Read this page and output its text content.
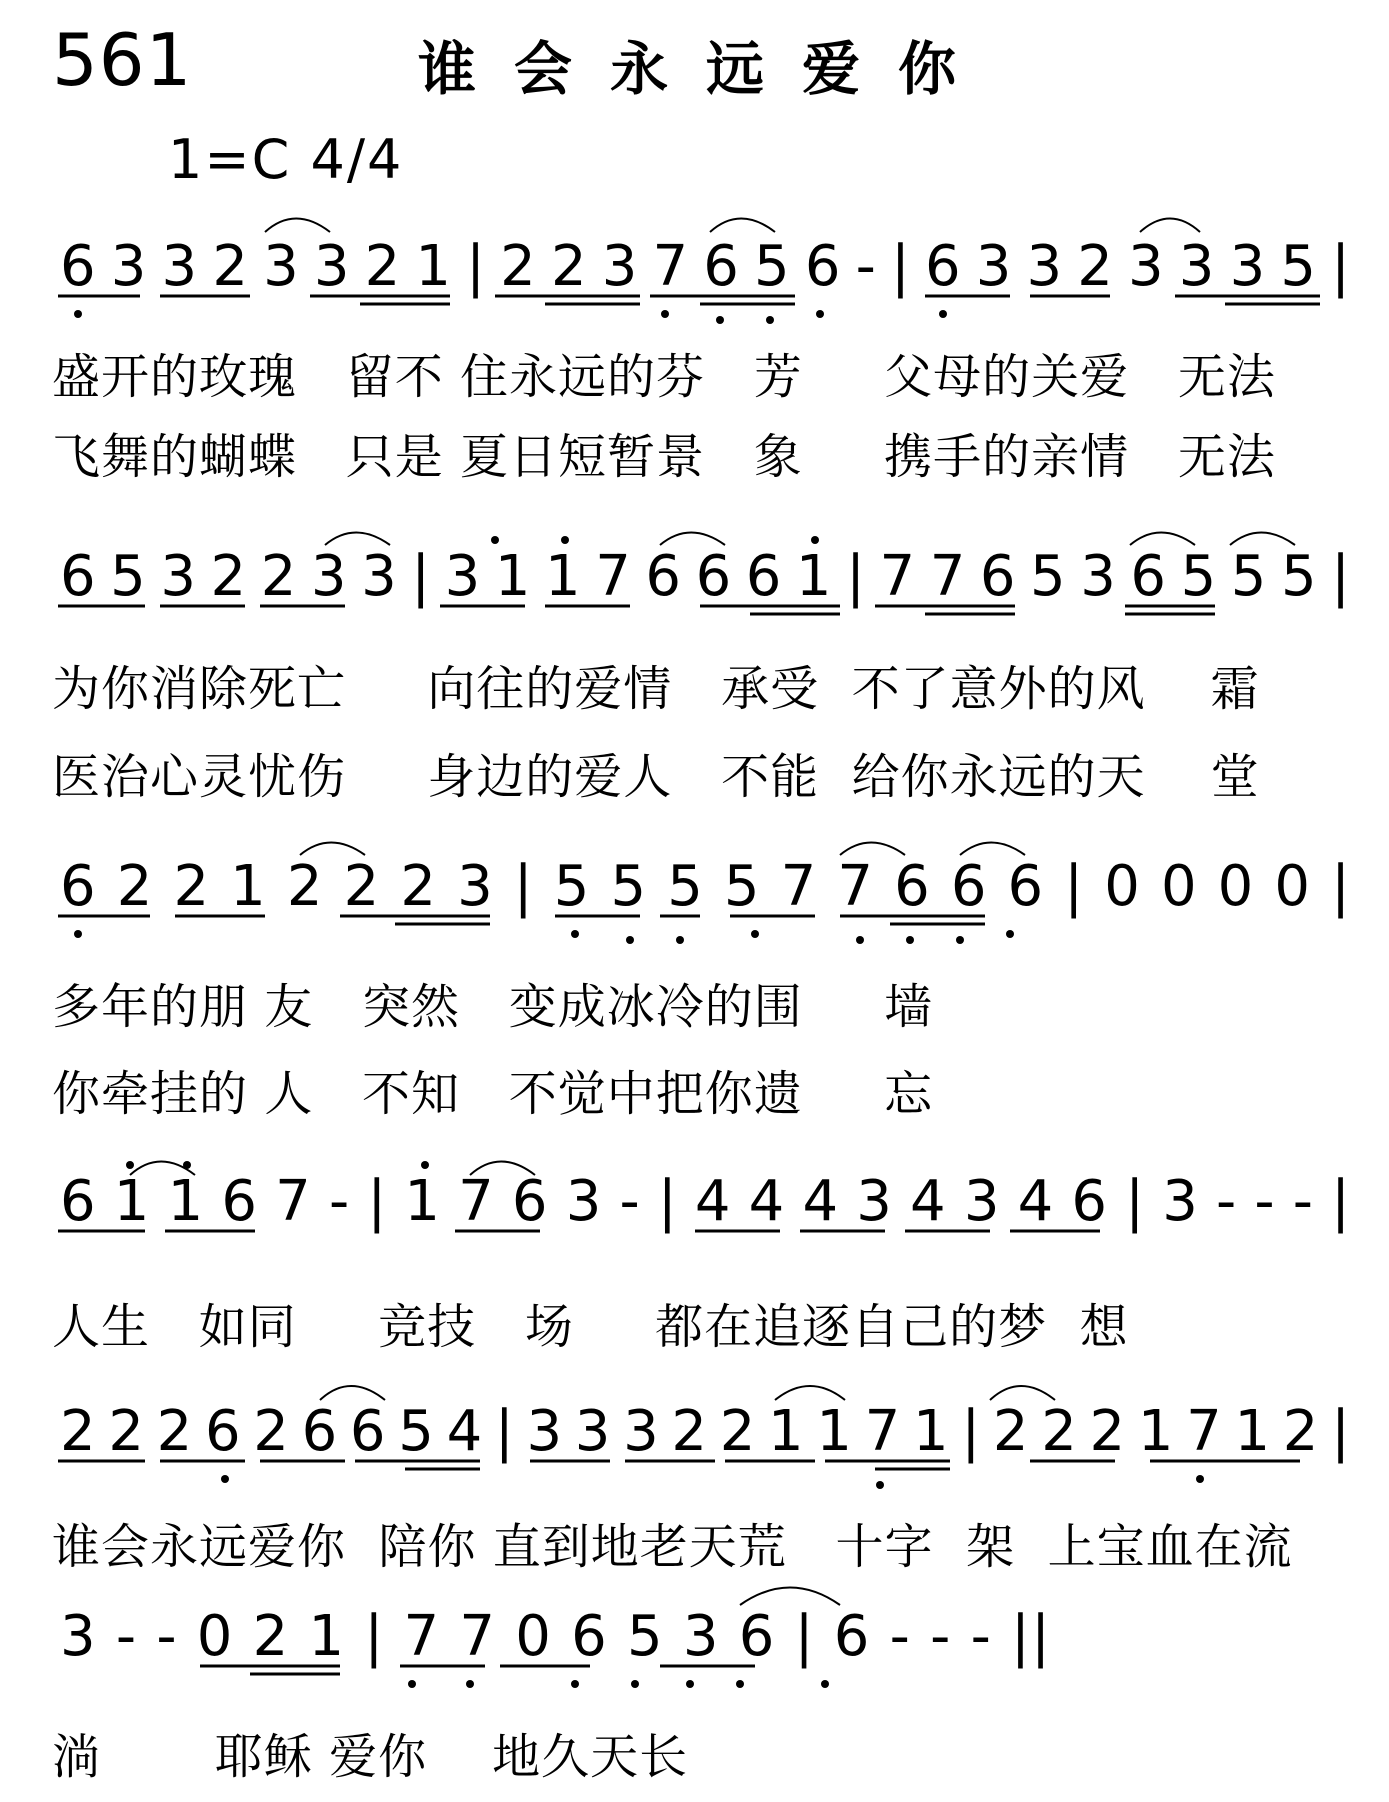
561	谁会永远爱你
1=C 4/4
6 3 3 2 3 3 2 1 | 2 2 3 7 6 5 6 - | 6 3 3 2 3 3 3 5 |
6 5 3 2 2 3 3 | 3 1 1 7 6 6 6 1 | 7 7 6 5 3 6 5 5 5 |
6 2 2 1 2 2 2 3 | 5 5 5 5 7 7 6 6 6 | 0 0 0 0 |
6 1 1 6 7 - | 1 7 6 3 - | 4 4 4 3 4 3 4 6 | 3 - - - |
2 2 2 6 2 6 6 5 4 | 3 3 3 2 2 1 1 7 1 | 2 2 2 1 7 1 2 |
3 - - 0 2 1 | 7 7 0 6 5 3 6 | 6 - - - ||
盛开的玫瑰   留不 住永远的芬   芳     父母的关爱   无法
飞舞的蝴蝶   只是 夏日短暂景   象     携手的亲情   无法
为你消除死亡     向往的爱情   承受  不了意外的风    霜
医治心灵忧伤     身边的爱人   不能  给你永远的天    堂
多年的朋 友   突然   变成冰冷的围     墙
你牵挂的 人   不知   不觉中把你遗     忘
人生   如同     竞技   场     都在追逐自己的梦  想
谁会永远爱你  陪你 直到地老天荒   十字  架  上宝血在流
淌       耶稣 爱你    地久天长
